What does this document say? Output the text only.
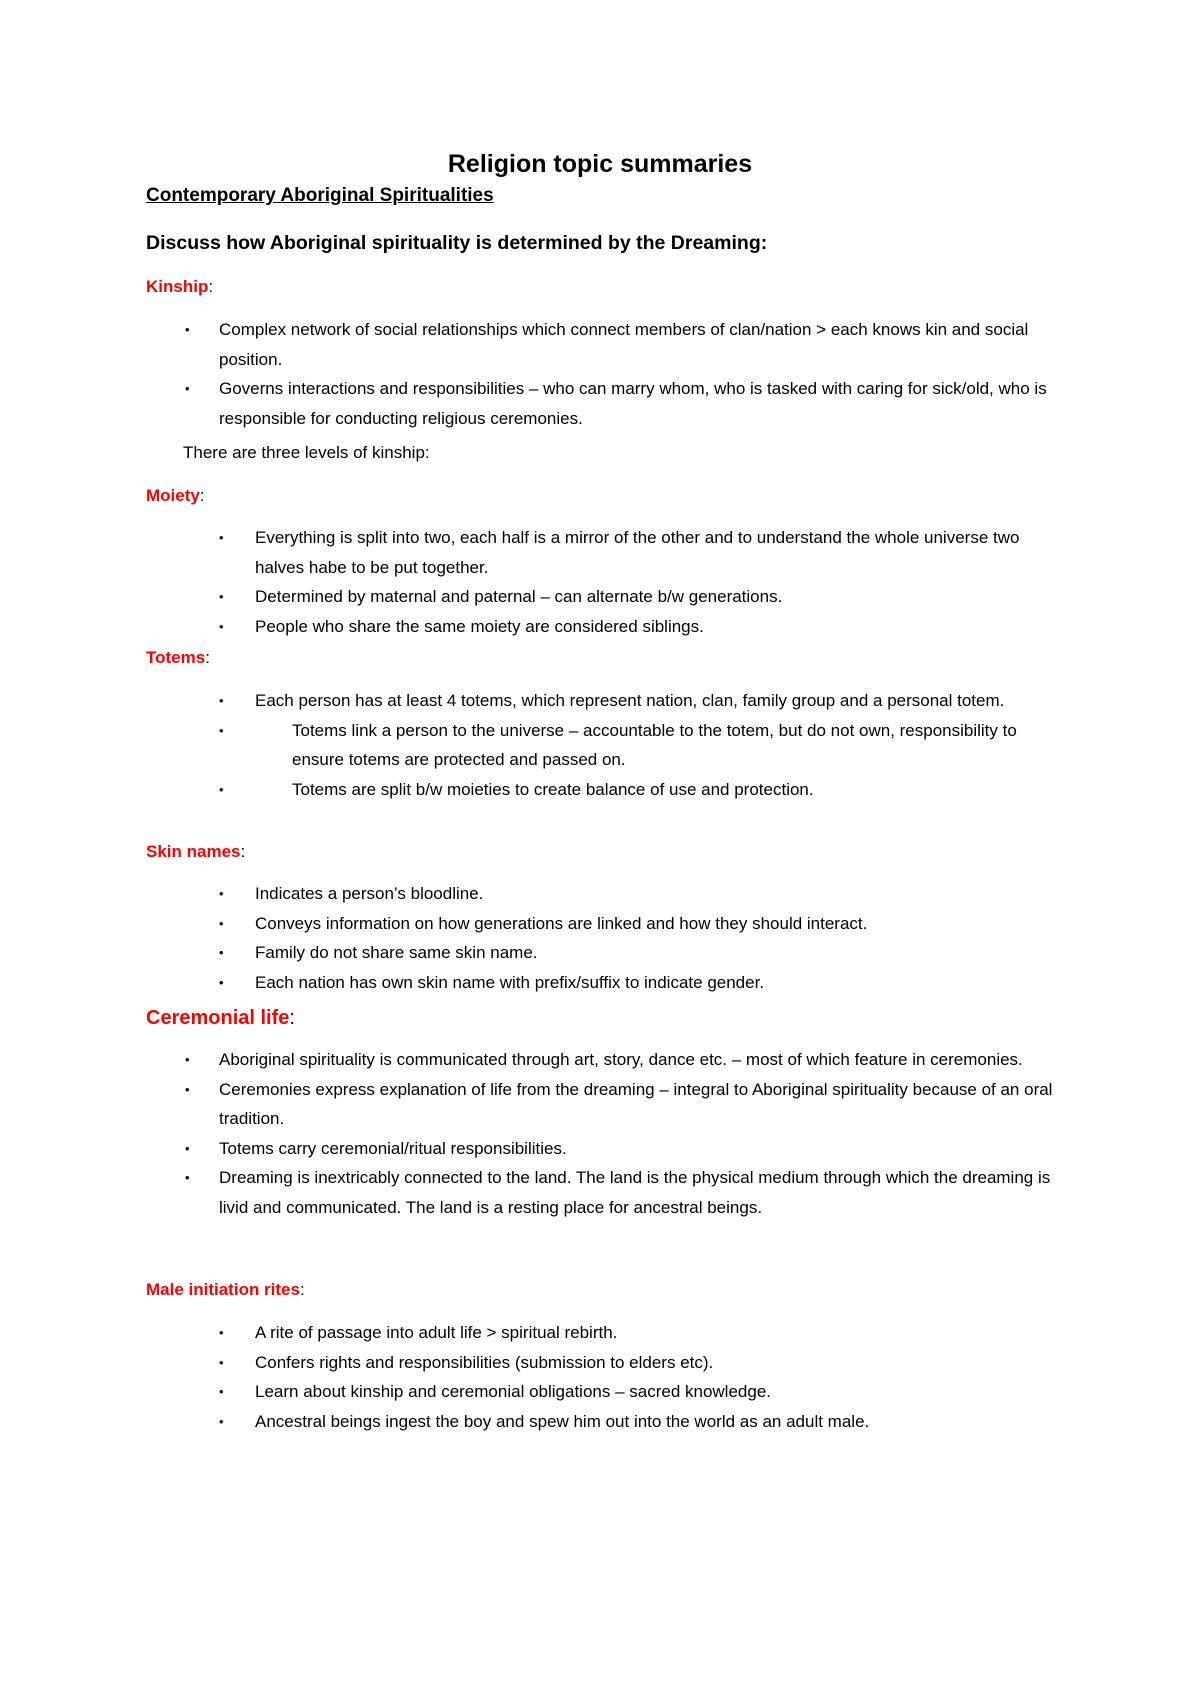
Religion topic summaries
Contemporary Aboriginal Spiritualities
Discuss how Aboriginal spirituality is determined by the Dreaming:
Kinship:
• Complex network of social relationships which connect members of clan/nation > each knows kin and social position.
• Governs interactions and responsibilities – who can marry whom, who is tasked with caring for sick/old, who is responsible for conducting religious ceremonies.
There are three levels of kinship:
Moiety:
• Everything is split into two, each half is a mirror of the other and to understand the whole universe two halves habe to be put together.
• Determined by maternal and paternal – can alternate b/w generations.
• People who share the same moiety are considered siblings.
Totems:
• Each person has at least 4 totems, which represent nation, clan, family group and a personal totem.
•	Totems link a person to the universe – accountable to the totem, but do not own, responsibility to ensure totems are protected and passed on.
•	Totems are split b/w moieties to create balance of use and protection.
Skin names:
• Indicates a person’s bloodline.
• Conveys information on how generations are linked and how they should interact.
• Family do not share same skin name.
• Each nation has own skin name with prefix/suffix to indicate gender.
Ceremonial life:
• Aboriginal spirituality is communicated through art, story, dance etc. – most of which feature in ceremonies.
• Ceremonies express explanation of life from the dreaming – integral to Aboriginal spirituality because of an oral tradition.
• Totems carry ceremonial/ritual responsibilities.
• Dreaming is inextricably connected to the land. The land is the physical medium through which the dreaming is livid and communicated. The land is a resting place for ancestral beings.
Male initiation rites:
• A rite of passage into adult life > spiritual rebirth.
• Confers rights and responsibilities (submission to elders etc).
• Learn about kinship and ceremonial obligations – sacred knowledge.
• Ancestral beings ingest the boy and spew him out into the world as an adult male.
